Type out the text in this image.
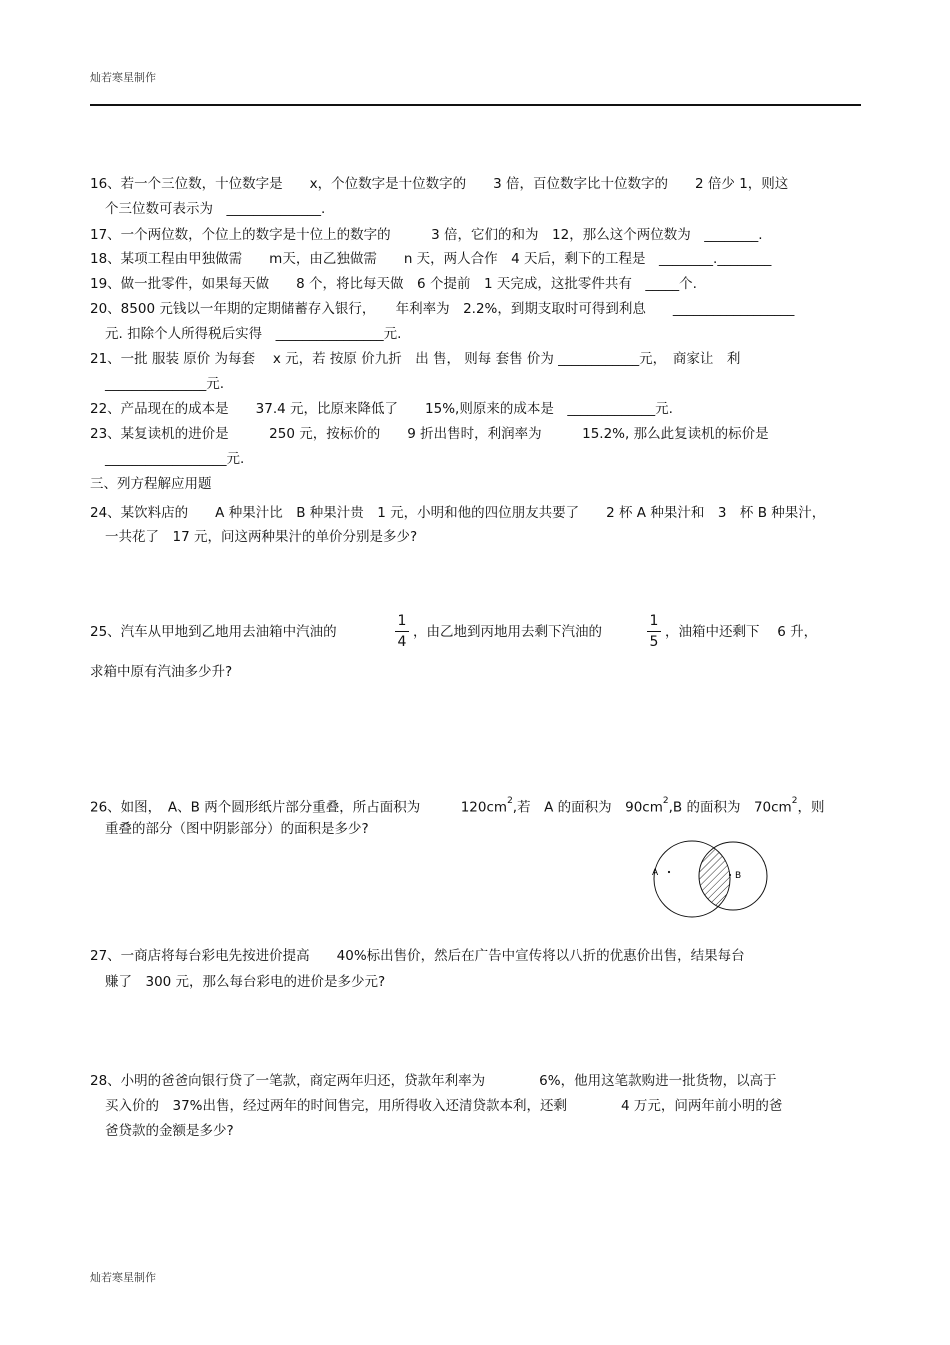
灿若寒星制作
16、若一个三位数，十位数字是　　x，个位数字是十位数字的　　3 倍，百位数字比十位数字的　　2 倍少 1，则这
个三位数可表示为　______________.
17、一个两位数，个位上的数字是十位上的数字的　　　3 倍，它们的和为　12，那么这个两位数为　________.
18、某项工程由甲独做需　　m天，由乙独做需　　n 天，两人合作　4 天后，剩下的工程是　________.________
19、做一批零件，如果每天做　　8 个，将比每天做　6 个提前　1 天完成，这批零件共有　_____个.
20、8500 元钱以一年期的定期储蓄存入银行，　　年利率为　2.2%，到期支取时可得到利息　　__________________
元. 扣除个人所得税后实得　________________元.
21、一批 服装 原价 为每套　 x 元，若 按原 价九折　出 售， 则每 套售 价为 ____________元，　商家让　利
_______________元.
22、产品现在的成本是　　37.4 元，比原来降低了　　15%,则原来的成本是　_____________元.
23、某复读机的进价是　　　250 元，按标价的　　9 折出售时，利润率为　　　15.2%, 那么此复读机的标价是
__________________元.
三、列方程解应用题
24、某饮料店的　　A 种果汁比　B 种果汁贵　1 元，小明和他的四位朋友共要了　　2 杯 A 种果汁和　3　杯 B 种果汁，
一共花了　17 元，问这两种果汁的单价分别是多少?
25、汽车从甲地到乙地用去油箱中汽油的
1
4
，由乙地到丙地用去剩下汽油的
1
5
，油箱中还剩下　 6 升，
求箱中原有汽油多少升?
26、如图，　A、B 两个圆形纸片部分重叠，所占面积为　　　$120cm^2$,若　A 的面积为　$90cm^2,B$ 的面积为　$70cm^2$，则
重叠的部分（图中阴影部分）的面积是多少?
A	B
27、一商店将每台彩电先按进价提高　　40%标出售价，然后在广告中宣传将以八折的优惠价出售，结果每台
赚了　300 元，那么每台彩电的进价是多少元?
28、小明的爸爸向银行贷了一笔款，商定两年归还，贷款年利率为　　　　6%，他用这笔款购进一批货物，以高于
买入价的　37%出售，经过两年的时间售完，用所得收入还清贷款本利，还剩　　　　4 万元，问两年前小明的爸
爸贷款的金额是多少?
灿若寒星制作
